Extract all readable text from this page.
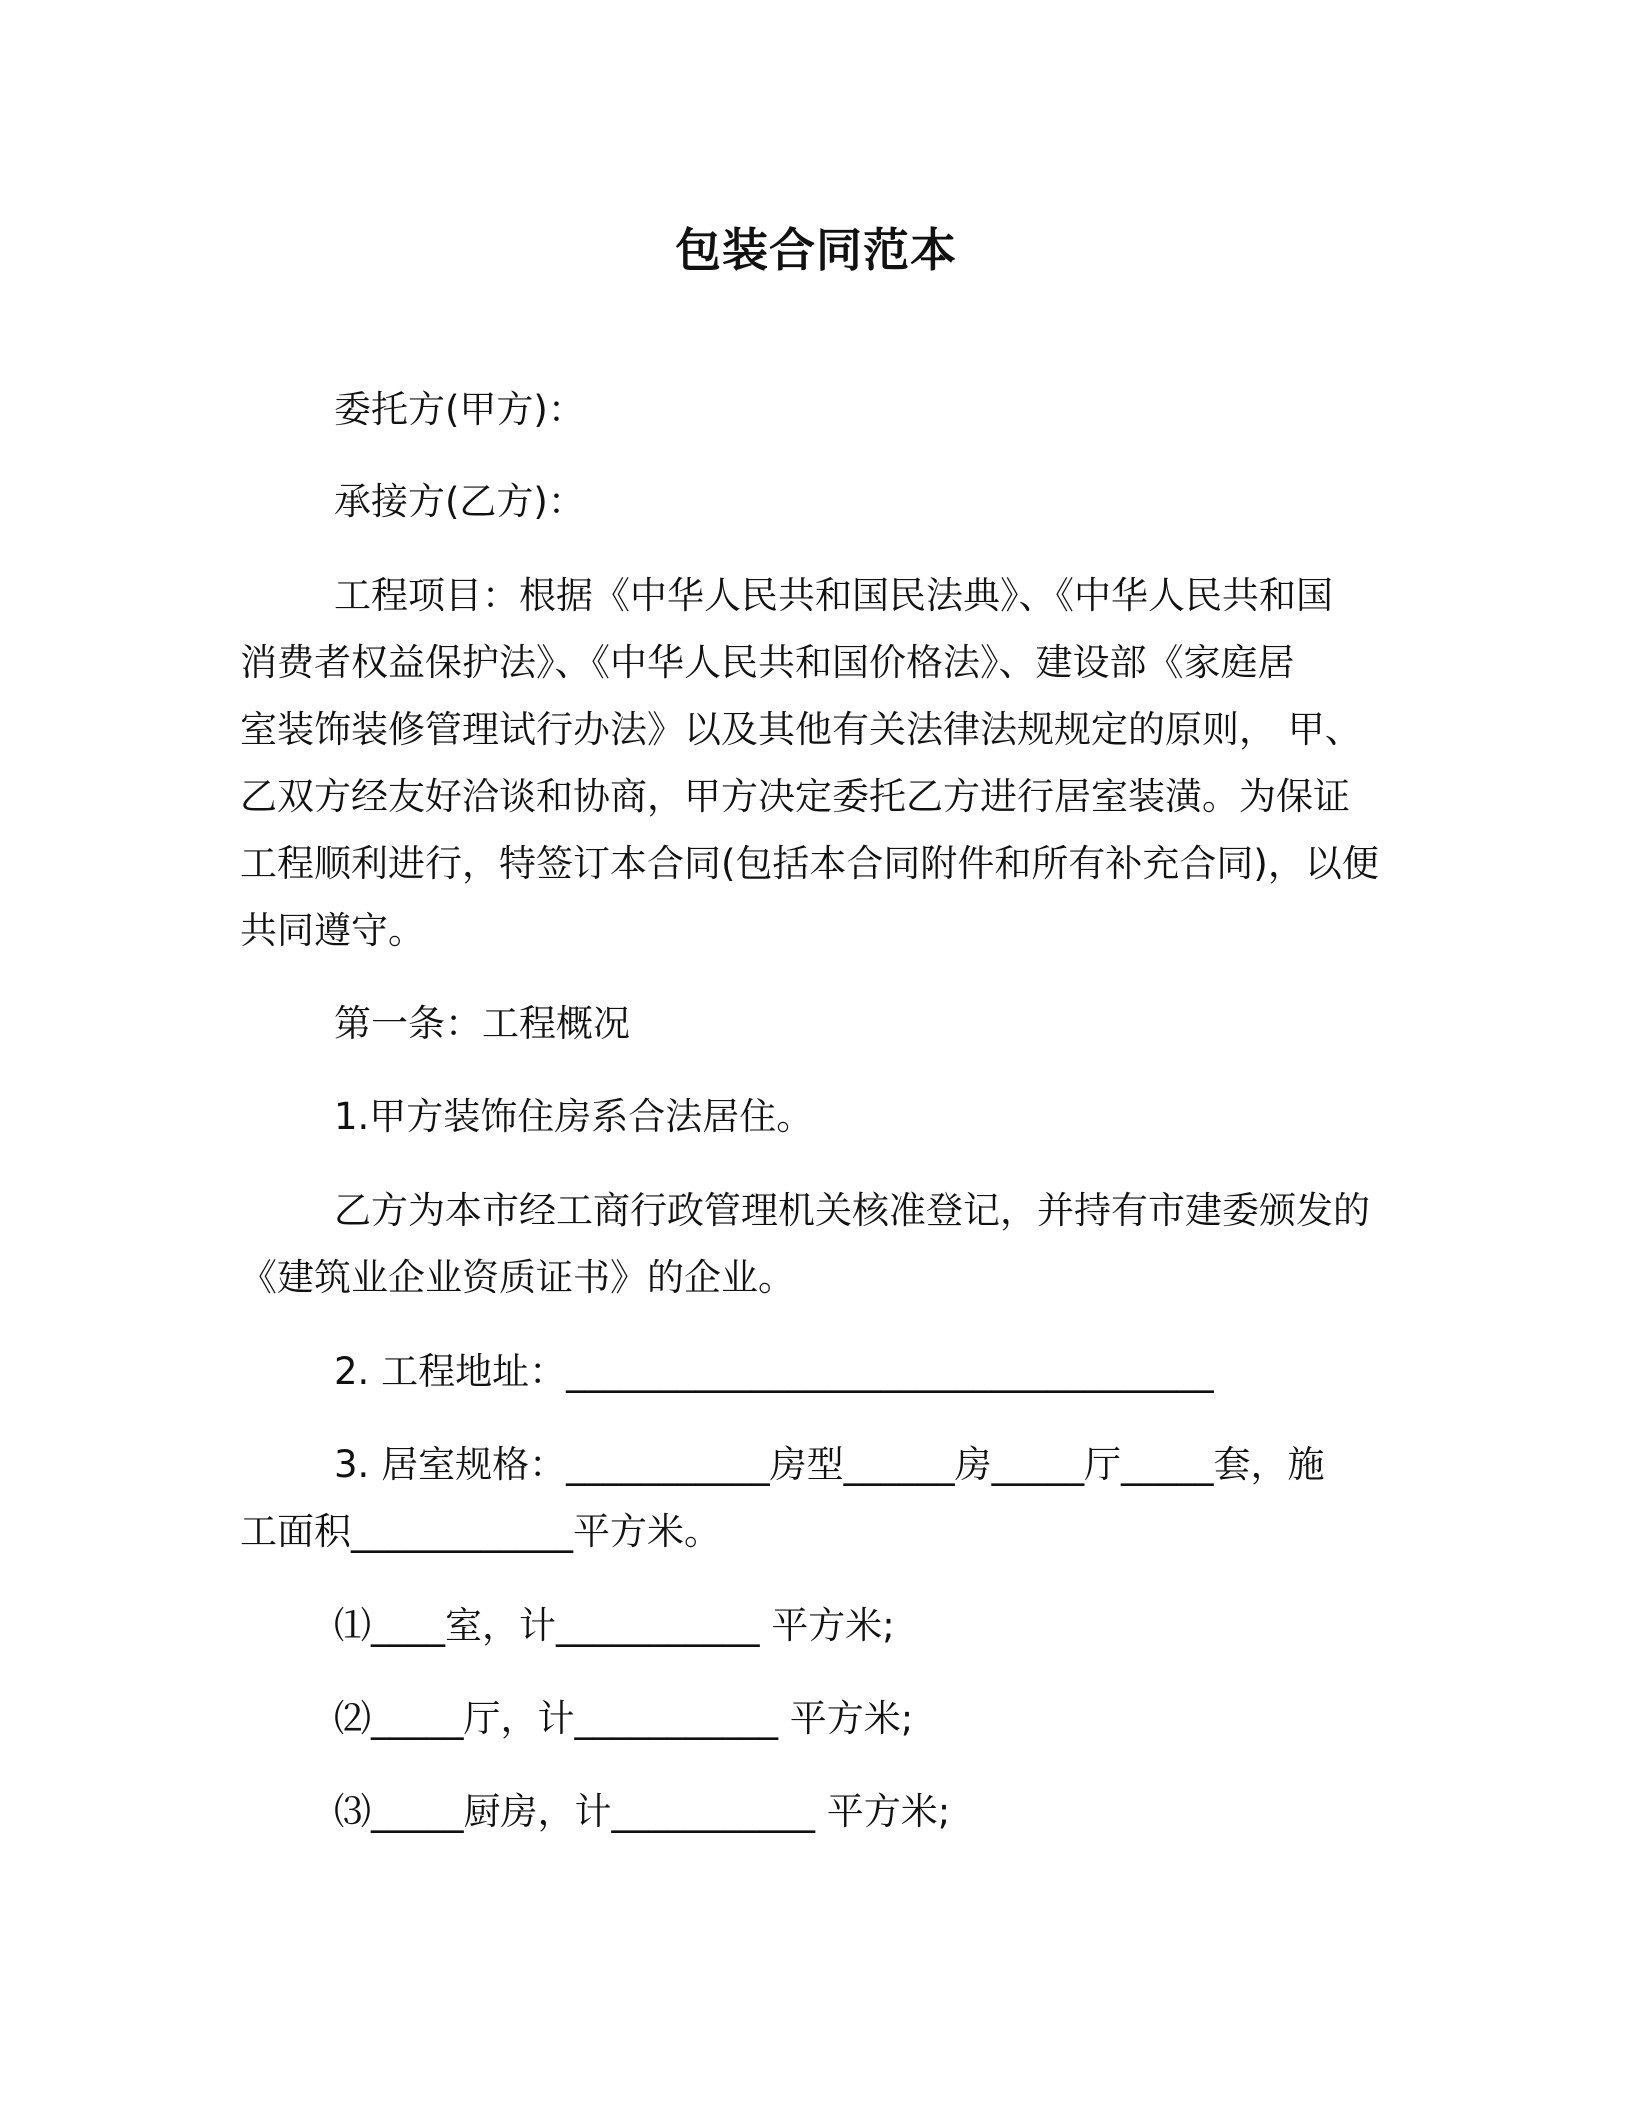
包装合同范本
委托方(甲方)：
承接方(乙方)：
工程项目：根据《中华人民共和国民法典》、《中华人民共和国
消费者权益保护法》、《中华人民共和国价格法》、建设部《家庭居
室装饰装修管理试行办法》以及其他有关法律法规规定的原则， 甲、
乙双方经友好洽谈和协商，甲方决定委托乙方进行居室装潢。为保证
工程顺利进行，特签订本合同(包括本合同附件和所有补充合同)，以便
共同遵守。
第一条：工程概况
1.甲方装饰住房系合法居住。
乙方为本市经工商行政管理机关核准登记，并持有市建委颁发的
《建筑业企业资质证书》的企业。
2. 工程地址：___________________________________
3. 居室规格：___________房型______房_____厅_____套，施
工面积____________平方米。
⑴____室，计___________ 平方米;
⑵_____厅，计___________ 平方米;
⑶_____厨房，计___________ 平方米;
